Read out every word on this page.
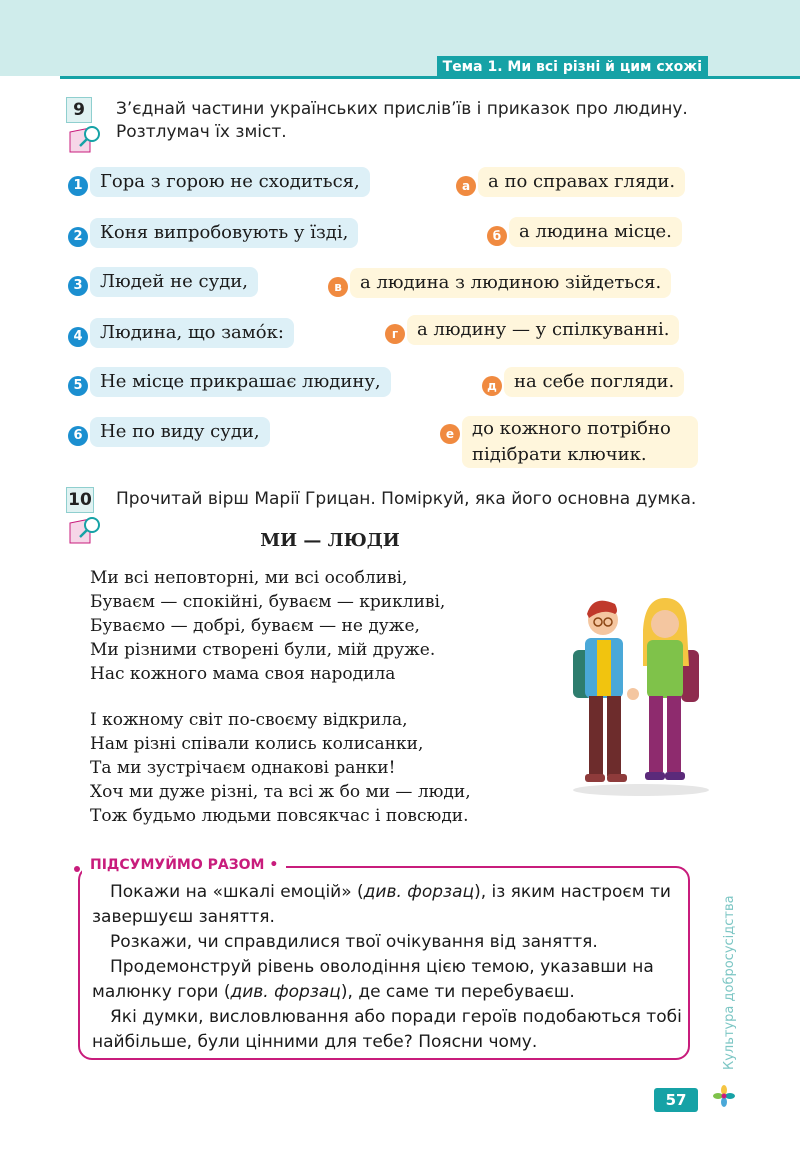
Тема 1. Ми всі різні й цим схожі
9	З’єднай частини українських прислів’їв і приказок про людину.
Розтлумач їх зміст.
1 Гора з горою не сходиться,
2 Коня випробовують у їзді,
3 Людей не суди,
4 Людина, що замо́к:
5 Не місце прикрашає людину,
6 Не по виду суди,
а а по справах гляди.
б а людина місце.
в	а людина з людиною зійдеться.
г	а людину — у спілкуванні.
д на себе погляди.
е до кожного потрібно
підібрати ключик.
10 Прочитай вірш Марії Грицан. Поміркуй, яка його основна думка.
МИ — ЛЮДИ
Ми всі неповторні, ми всі особливі,
Буваєм — спокійні, буваєм — крикливі,
Буваємо — добрі, буваєм — не дуже,
Ми різними створені були, мій друже.
Нас кожного мама своя народила
І кожному світ по-своєму відкрила,
Нам різні співали колись колисанки,
Та ми зустрічаєм однакові ранки!
Хоч ми дуже різні, та всі ж бо ми — люди,
Тож будьмо людьми повсякчас і повсюди.
ПІДСУМУЙМО РАЗОМ •

Покажи на «шкалі емоцій» (див. форзац), із яким настроєм ти завершуєш заняття.

Розкажи, чи справдилися твої очікування від заняття.

Продемонструй рівень оволодіння цією темою, указавши на малюнку гори (див. форзац), де саме ти перебуваєш.

Які думки, висловлювання або поради героїв подобаються тобі найбільше, були цінними для тебе? Поясни чому.	Культура добросусідства
57
